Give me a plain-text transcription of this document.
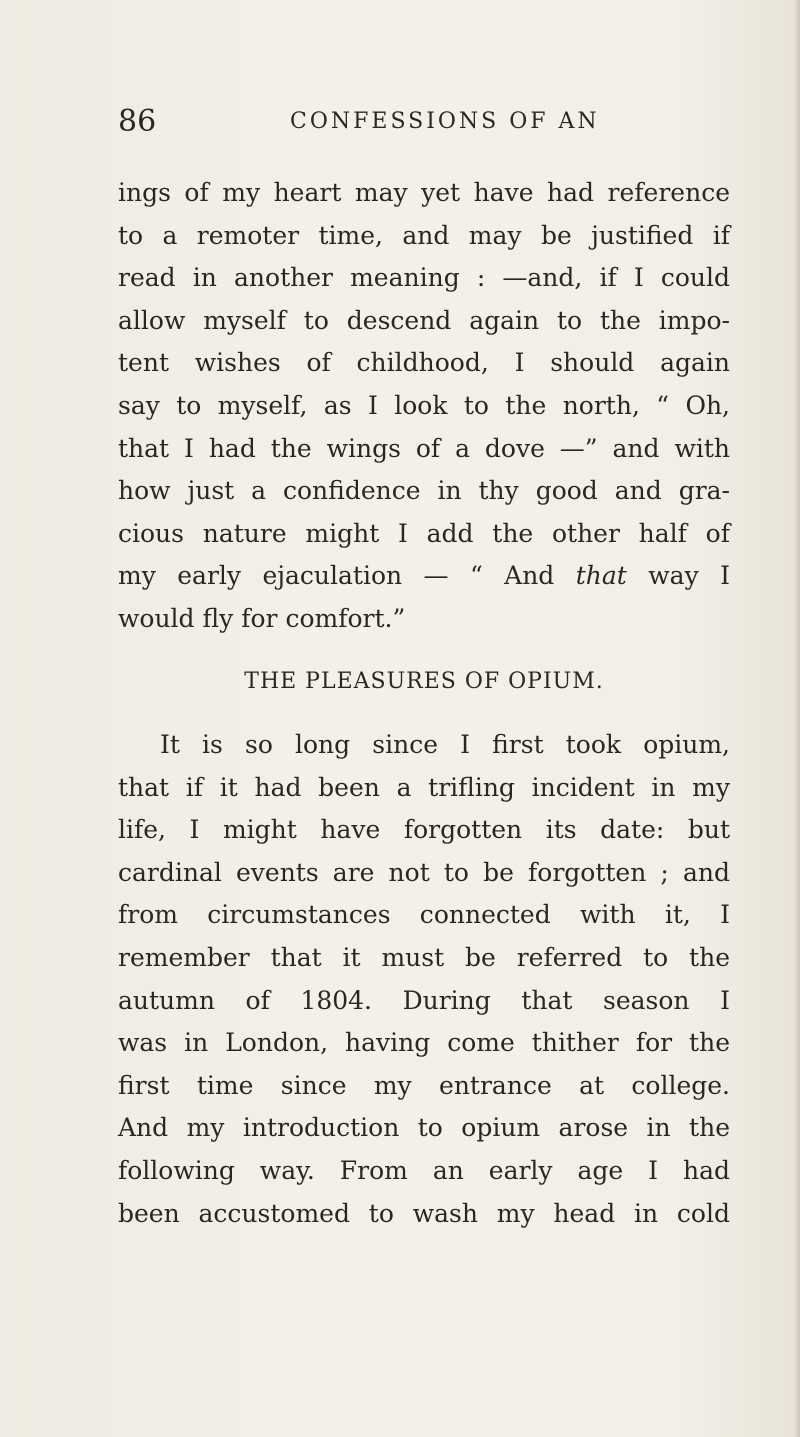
86	CONFESSIONS OF AN
ings of my heart may yet have had reference
to a remoter time, and may be justified if
read in another meaning : —and, if I could
allow myself to descend again to the impo-
tent wishes of childhood, I should again
say to myself, as I look to the north, “ Oh,
that I had the wings of a dove —” and with
how just a confidence in thy good and gra-
cious nature might I add the other half of
my early ejaculation — “ And that way I
would fly for comfort.”
THE PLEASURES OF OPIUM.
It is so long since I first took opium,
that if it had been a trifling incident in my
life, I might have forgotten its date: but
cardinal events are not to be forgotten ; and
from circumstances connected with it, I
remember that it must be referred to the
autumn of 1804. During that season I
was in London, having come thither for the
first time since my entrance at college.
And my introduction to opium arose in the
following way. From an early age I had
been accustomed to wash my head in cold
